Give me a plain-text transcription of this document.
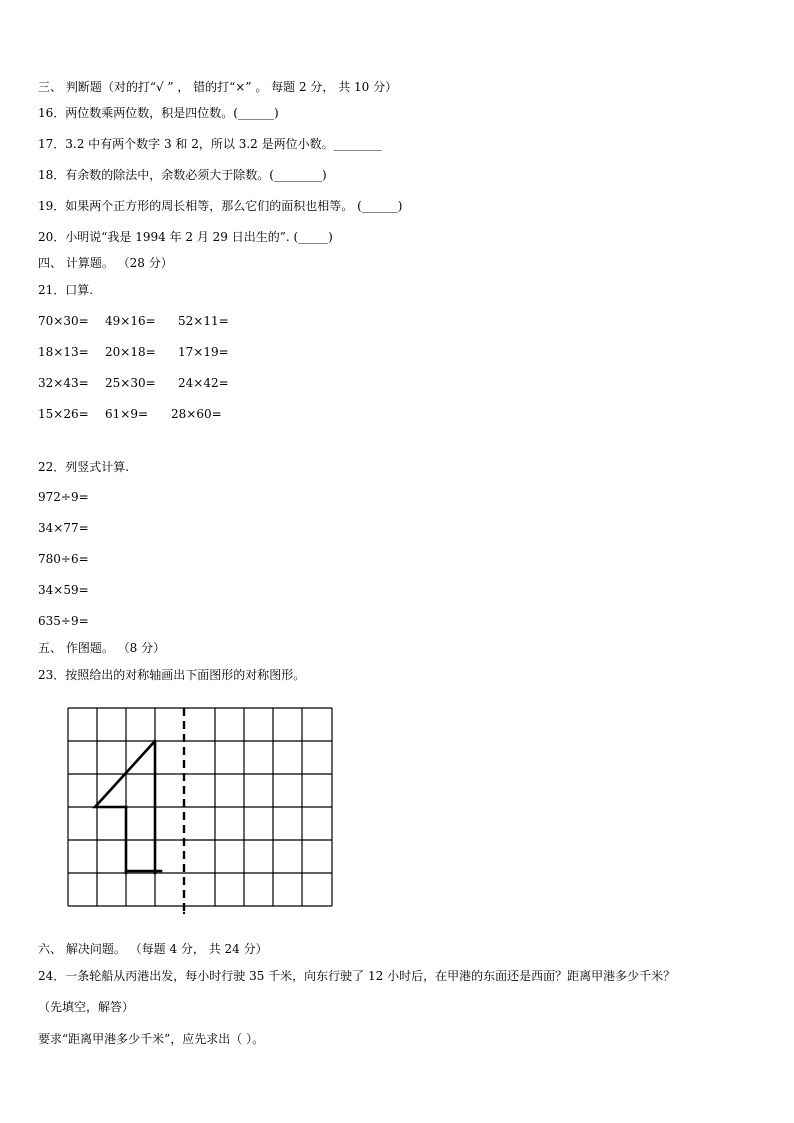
三、 判断题（对的打“√ ” ， 错的打“×” 。 每题 2 分， 共 10 分）
16．两位数乘两位数，积是四位数。(______)
17．3.2 中有两个数字 3 和 2，所以 3.2 是两位小数。________
18．有余数的除法中，余数必须大于除数。(________)
19．如果两个正方形的周长相等，那么它们的面积也相等。 (______)
20．小明说“我是 1994 年 2 月 29 日出生的”. (_____)
四、 计算题。 （28 分）
21．口算.
70×30= 49×16= 52×11=
18×13= 20×18= 17×19=
32×43= 25×30= 24×42=
15×26= 61×9= 28×60=
22．列竖式计算.
972÷9=
34×77=
780÷6=
34×59=
635÷9=
五、 作图题。 （8 分）
23．按照给出的对称轴画出下面图形的对称图形。
六、 解决问题。 （每题 4 分， 共 24 分）
24．一条轮船从丙港出发，每小时行驶 35 千米，向东行驶了 12 小时后，在甲港的东面还是西面？距离甲港多少千米？
（先填空，解答）
要求“距离甲港多少千米”，应先求出（ ）。
